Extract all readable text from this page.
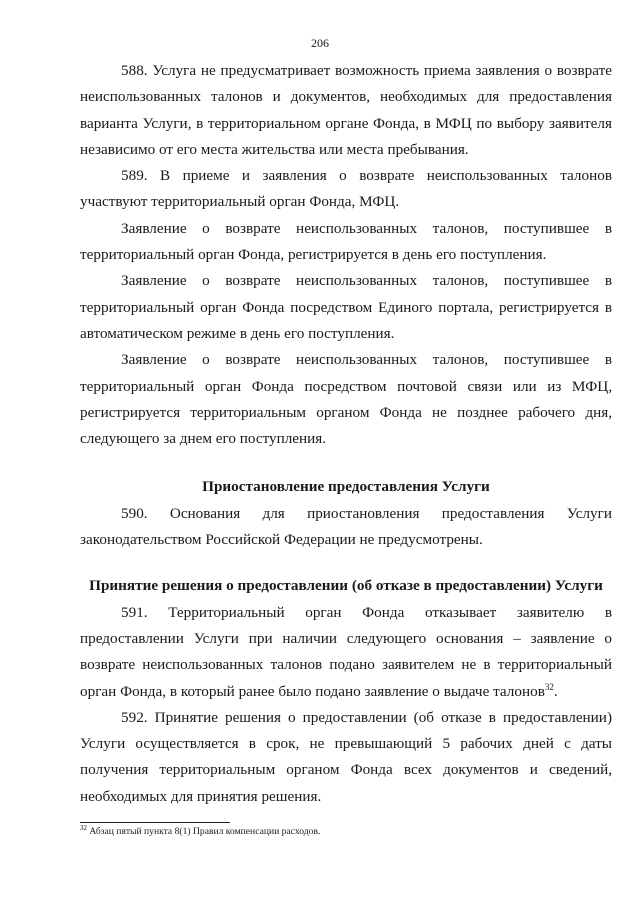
206

588. Услуга не предусматривает возможность приема заявления о возврате неиспользованных талонов и документов, необходимых для предоставления варианта Услуги, в территориальном органе Фонда, в МФЦ по выбору заявителя независимо от его места жительства или места пребывания.

589. В приеме и заявления о возврате неиспользованных талонов участвуют территориальный орган Фонда, МФЦ.

Заявление о возврате неиспользованных талонов, поступившее в территориальный орган Фонда, регистрируется в день его поступления.

Заявление о возврате неиспользованных талонов, поступившее в территориальный орган Фонда посредством Единого портала, регистрируется в автоматическом режиме в день его поступления.

Заявление о возврате неиспользованных талонов, поступившее в территориальный орган Фонда посредством почтовой связи или из МФЦ, регистрируется территориальным органом Фонда не позднее рабочего дня, следующего за днем его поступления.

Приостановление предоставления Услуги

590. Основания для приостановления предоставления Услуги законодательством Российской Федерации не предусмотрены.

Принятие решения о предоставлении (об отказе в предоставлении) Услуги

591. Территориальный орган Фонда отказывает заявителю в предоставлении Услуги при наличии следующего основания – заявление о возврате неиспользованных талонов подано заявителем не в территориальный орган Фонда, в который ранее было подано заявление о выдаче талонов$^{32}$.

592. Принятие решения о предоставлении (об отказе в предоставлении) Услуги осуществляется в срок, не превышающий 5 рабочих дней с даты получения территориальным органом Фонда всех документов и сведений, необходимых для принятия решения.

$^{32}$ Абзац пятый пункта 8(1) Правил компенсации расходов.
